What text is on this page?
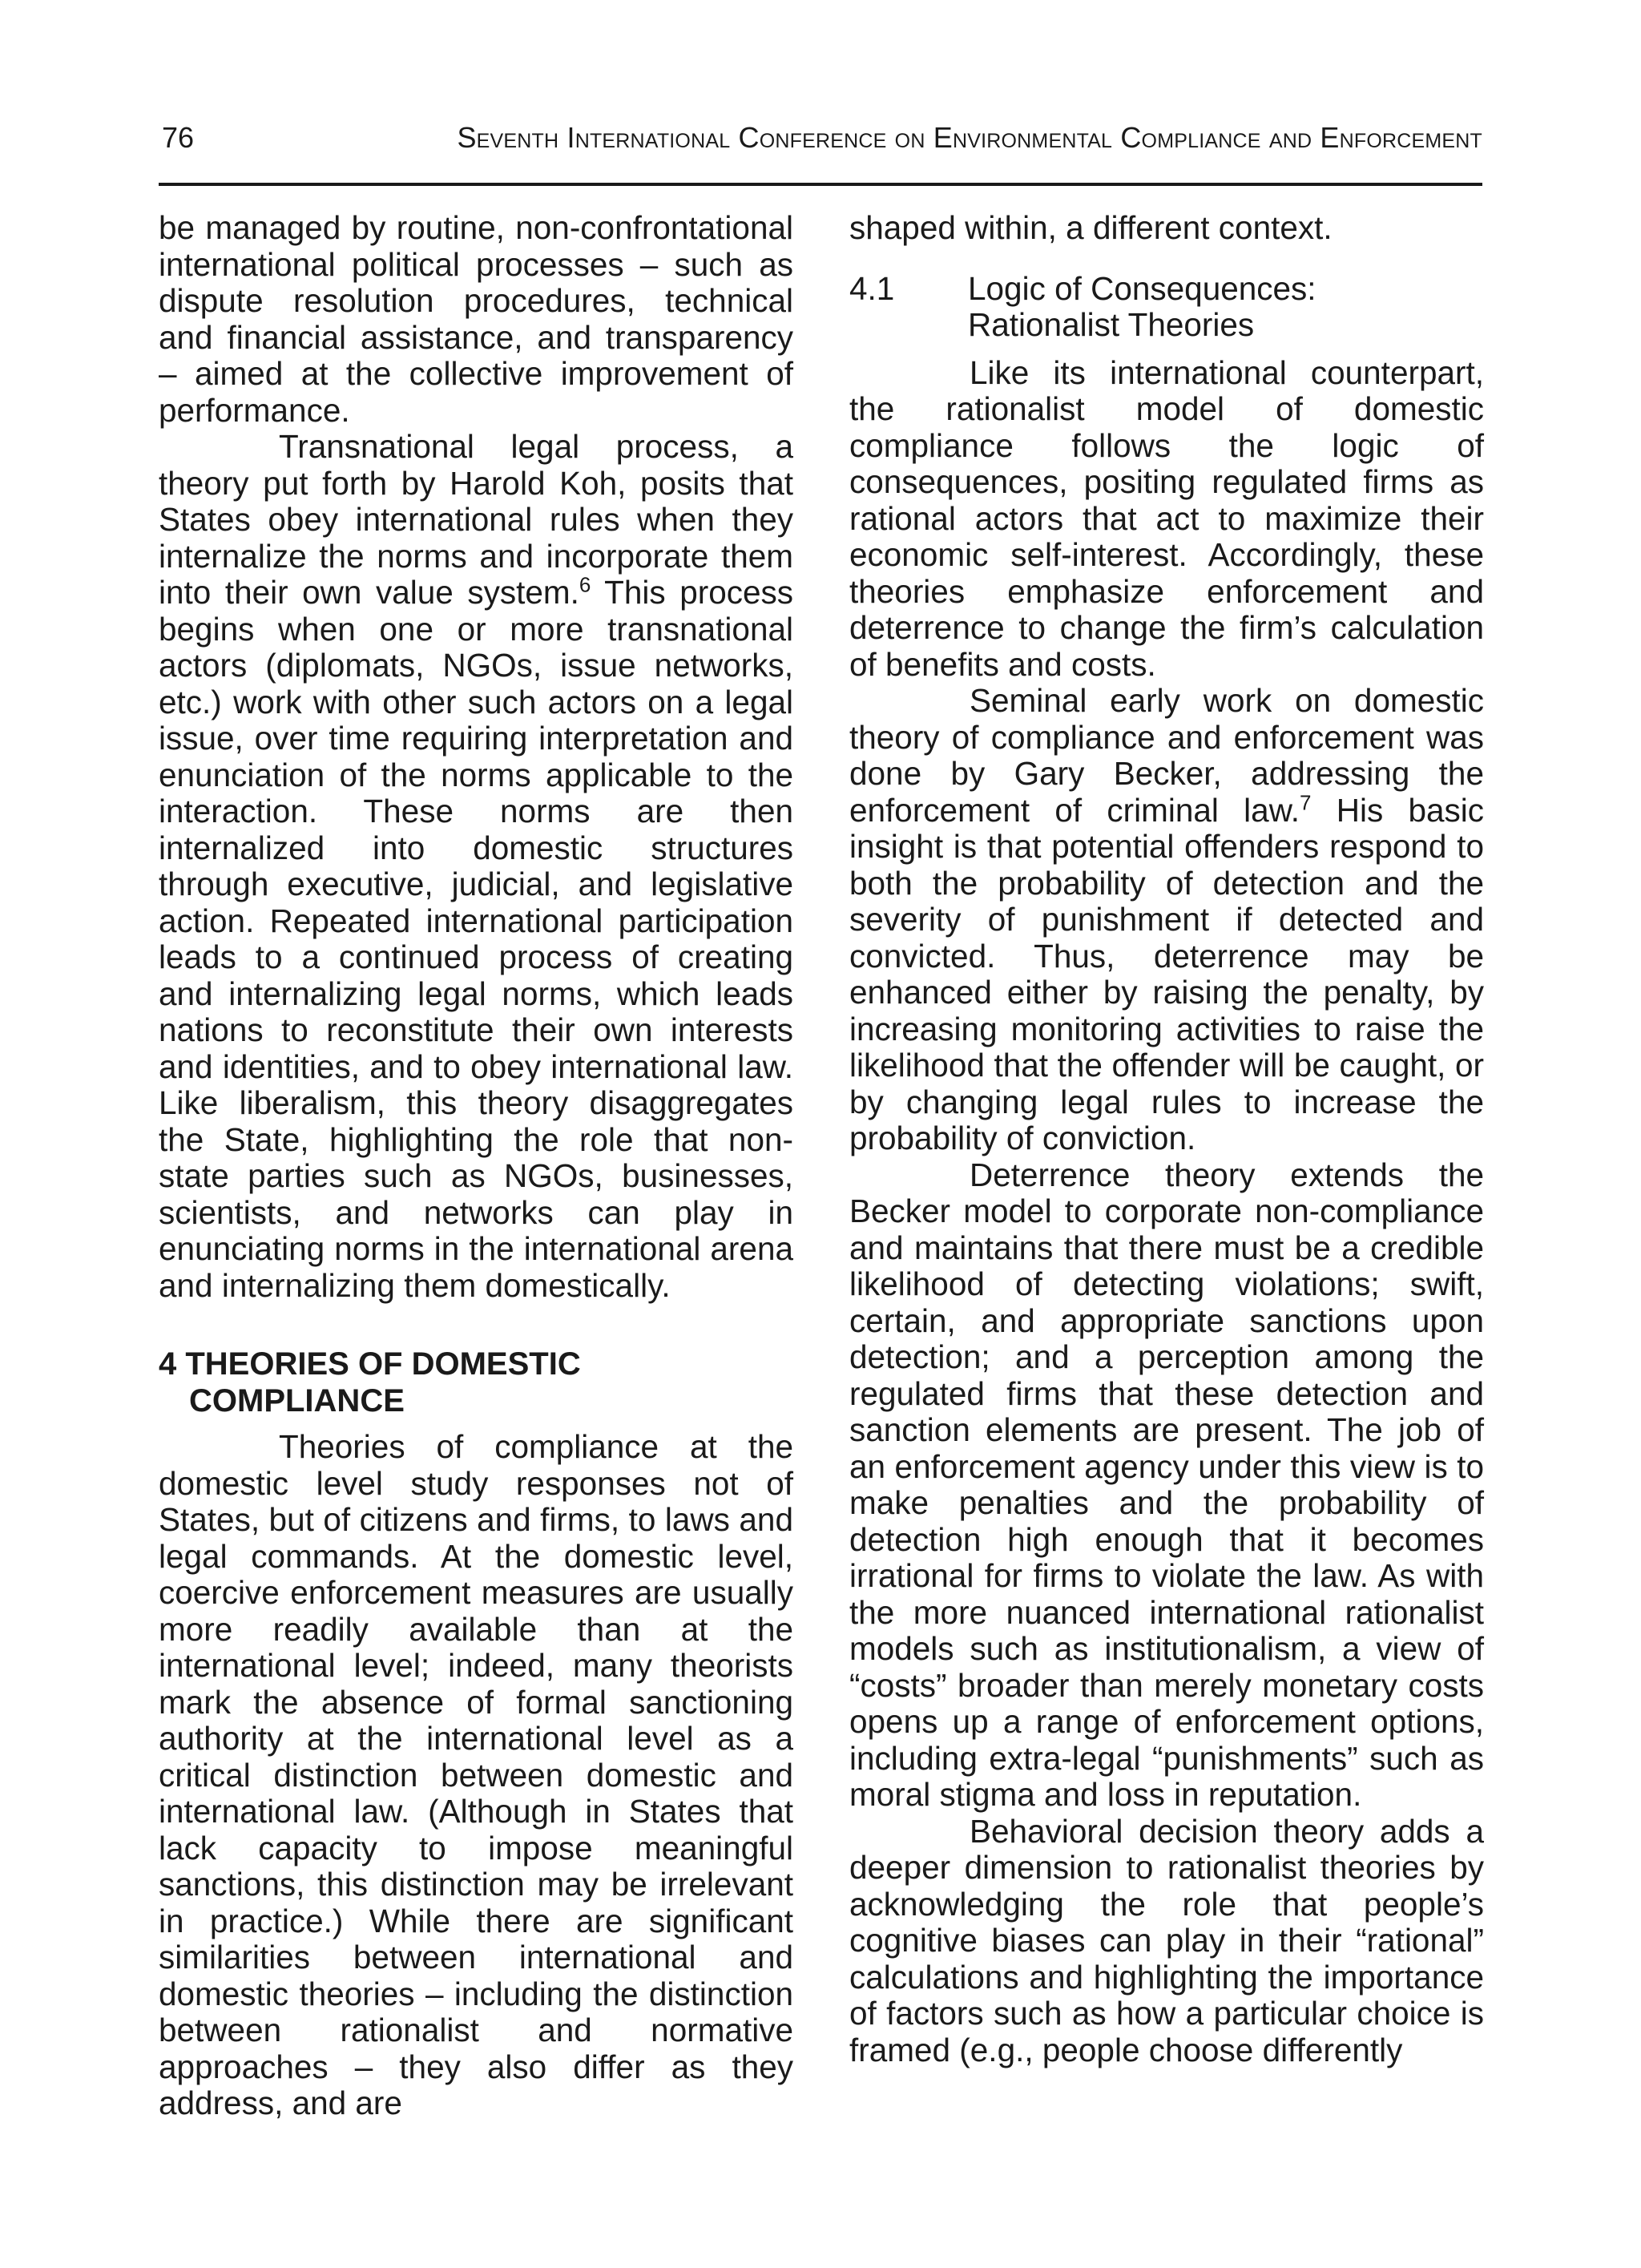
76	Seventh International Conference on Environmental Compliance and Enforcement

be managed by routine, non-confrontational international political processes – such as dispute resolution procedures, technical and financial assistance, and transparency – aimed at the collective improvement of performance.

Transnational legal process, a theory put forth by Harold Koh, posits that States obey international rules when they internalize the norms and incorporate them into their own value system.$^6$ This process begins when one or more transnational actors (diplomats, NGOs, issue networks, etc.) work with other such actors on a legal issue, over time requiring interpretation and enunciation of the norms applicable to the interaction. These norms are then internalized into domestic structures through executive, judicial, and legislative action. Repeated international participation leads to a continued process of creating and internalizing legal norms, which leads nations to reconstitute their own interests and identities, and to obey international law. Like liberalism, this theory disaggregates the State, highlighting the role that non-state parties such as NGOs, businesses, scientists, and networks can play in enunciating norms in the international arena and internalizing them domestically.

4 THEORIES OF DOMESTIC COMPLIANCE

Theories of compliance at the domestic level study responses not of States, but of citizens and firms, to laws and legal commands. At the domestic level, coercive enforcement measures are usually more readily available than at the international level; indeed, many theorists mark the absence of formal sanctioning authority at the international level as a critical distinction between domestic and international law. (Although in States that lack capacity to impose meaningful sanctions, this distinction may be irrelevant in practice.) While there are significant similarities between international and domestic theories – including the distinction between rationalist and normative approaches – they also differ as they address, and are

shaped within, a different context.

4.1	Logic of Consequences:
Rationalist Theories

Like its international counterpart, the rationalist model of domestic compliance follows the logic of consequences, positing regulated firms as rational actors that act to maximize their economic self-interest. Accordingly, these theories emphasize enforcement and deterrence to change the firm’s calculation of benefits and costs.

Seminal early work on domestic theory of compliance and enforcement was done by Gary Becker, addressing the enforcement of criminal law.$^7$ His basic insight is that potential offenders respond to both the probability of detection and the severity of punishment if detected and convicted. Thus, deterrence may be enhanced either by raising the penalty, by increasing monitoring activities to raise the likelihood that the offender will be caught, or by changing legal rules to increase the probability of conviction.

Deterrence theory extends the Becker model to corporate non-compliance and maintains that there must be a credible likelihood of detecting violations; swift, certain, and appropriate sanctions upon detection; and a perception among the regulated firms that these detection and sanction elements are present. The job of an enforcement agency under this view is to make penalties and the probability of detection high enough that it becomes irrational for firms to violate the law. As with the more nuanced international rationalist models such as institutionalism, a view of “costs” broader than merely monetary costs opens up a range of enforcement options, including extra-legal “punishments” such as moral stigma and loss in reputation.

Behavioral decision theory adds a deeper dimension to rationalist theories by acknowledging the role that people’s cognitive biases can play in their “rational” calculations and highlighting the importance of factors such as how a particular choice is framed (e.g., people choose differently
